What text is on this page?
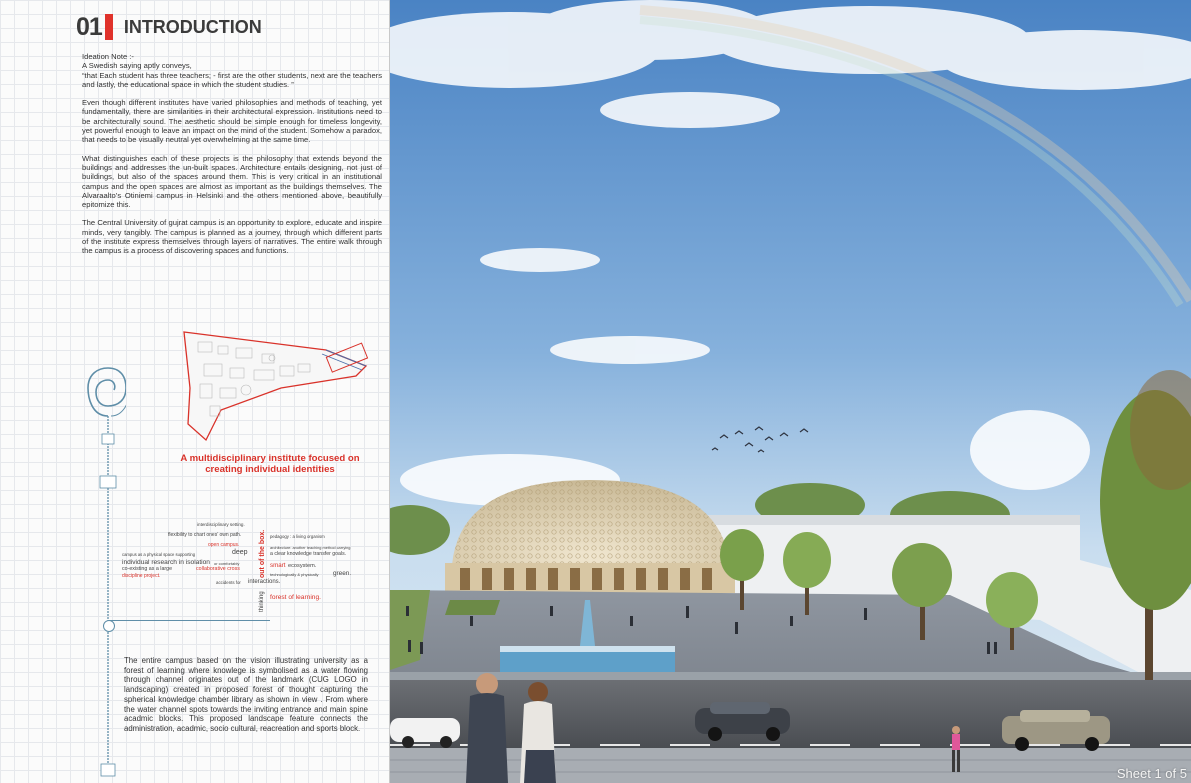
01 INTRODUCTION

Ideation Note :-

A Swedish saying aptly conveys,

“that Each student has three teachers; - first are the other students, next are the teachers and lastly, the educational space in which the student studies. ”

Even though different institutes have varied philosophies and methods of teaching, yet fundamentally, there are similarities in their architectural expression. Institutions need to be architecturally sound. The aesthetic should be simple enough for timeless longevity, yet powerful enough to leave an impact on the mind of the student. Somehow a paradox, that needs to be visually neutral yet overwhelming at the same time.

What distinguishes each of these projects is the philosophy that extends beyond the buildings and addresses the un-built spaces. Architecture entails designing, not just of buildings, but also of the spaces around them. This is very critical in an institutional campus and the open spaces are almost as important as the buildings themselves. The Alvaraalto’s Otiniemi campus in Helsinki and the others mentioned above, beautifully epitomize this.

The Central University of gujrat campus is an opportunity to explore, educate and inspire minds, very tangibly. The campus is planned as a journey, through which different parts of the institute express themselves through layers of narratives. The entire walk through the campus is a process of discovering spaces and functions.

A multidisciplinary institute focused on
creating individual identities
interdisciplinary setting.
flexibility to chart ones’ own path.
open campus.
campus as a physical space supporting	deep
individual research in isolation or comfortably
co-existing as a large	collaborative cross
discipline project.
accidents for interactions.
out of the box.
thinking
pedagogy : a living organism
architecture: another teaching method carrying
a clear knowledge transfer goals.
smart ecosystem.
technologically & physically green.
forest of learning.
The entire campus based on the vision illustrating university as a forest of learning where knowlege is symbolised as a water flowing through channel originates out of the landmark (CUG LOGO in landscaping) created in proposed forest of thought capturing the spherical knowledge chamber library as shown in view . From where the water channel spots towards the inviting entrance and main spine acadmic blocks. This proposed landscape feature connects the administration, acadmic, socio cultural, reacreation and sports block.
Sheet 1 of 5
